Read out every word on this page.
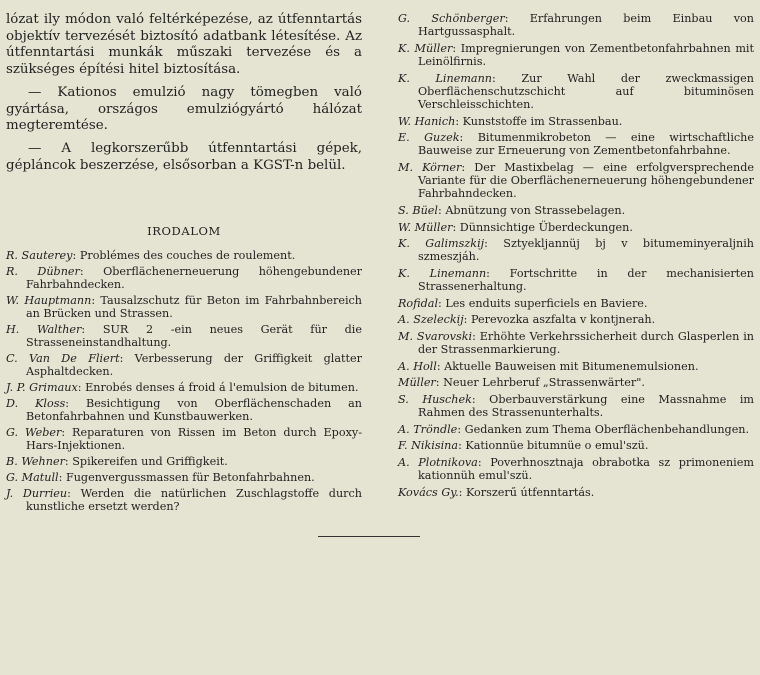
lózat ily módon való feltérképezése, az útfenntartás objektív tervezését biztosító adatbank létesítése. Az útfenntartási munkák műszaki tervezése és a szükséges építési hitel biztosítása.

— Kationos emulzió nagy tömegben való gyártása, országos emulziógyártó hálózat megteremtése.

— A legkorszerűbb útfenntartási gépek, gépláncok beszerzése, elsősorban a KGST-n belül.

IRODALOM

R. Sauterey: Problémes des couches de roulement.

R. Dübner: Oberflächenerneuerung höhengebundener Fahrbahndecken.

W. Hauptmann: Tausalzschutz für Beton im Fahrbahnbereich an Brücken und Strassen.

H. Walther: SUR 2 -ein neues Gerät für die Strasseneinstandhaltung.

C. Van De Fliert: Verbesserung der Griffigkeit glatter Asphaltdecken.

J. P. Grimaux: Enrobés denses á froid á l'emulsion de bitumen.

D. Kloss: Besichtigung von Oberflächenschaden an Betonfahrbahnen und Kunstbauwerken.

G. Weber: Reparaturen von Rissen im Beton durch Epoxy-Hars-Injektionen.

B. Wehner: Spikereifen und Griffigkeit.

G. Matull: Fugenvergussmassen für Betonfahrbahnen.

J. Durrieu: Werden die natürlichen Zuschlagstoffe durch kunstliche ersetzt werden?

G. Schönberger: Erfahrungen beim Einbau von Hartgussasphalt.

K. Müller: Impregnierungen von Zementbetonfahrbahnen mit Leinölfirnis.

K. Linemann: Zur Wahl der zweckmassigen Oberflächenschutzschicht auf bituminösen Verschleisschichten.

W. Hanich: Kunststoffe im Strassenbau.

E. Guzek: Bitumenmikrobeton — eine wirtschaftliche Bauweise zur Erneuerung von Zementbetonfahrbahne.

M. Körner: Der Mastixbelag — eine erfolgversprechende Variante für die Oberflächenerneuerung höhengebundener Fahrbahndecken.

S. Büel: Abnützung von Strassebelagen.

W. Müller: Dünnsichtige Überdeckungen.

K. Galimszkij: Sztyekljannüj bj v bitumeminyeraljnih szmeszjáh.

K. Linemann: Fortschritte in der mechanisierten Strassenerhaltung.

Rofidal: Les enduits superficiels en Baviere.

A. Szeleckij: Perevozka aszfalta v kontjnerah.

M. Svarovski: Erhöhte Verkehrssicherheit durch Glasperlen in der Strassenmarkierung.

A. Holl: Aktuelle Bauweisen mit Bitumenemulsionen.

Müller: Neuer Lehrberuf „Strassenwärter".

S. Huschek: Oberbauverstärkung eine Massnahme im Rahmen des Strassenunterhalts.

A. Tröndle: Gedanken zum Thema Oberflächenbehandlungen.

F. Nikisina: Kationnüe bitumnüe o emul'szü.

A. Plotnikova: Poverhnosztnaja obrabotka sz primoneniem kationnüh emul'szü.

Kovács Gy.: Korszerű útfenntartás.
